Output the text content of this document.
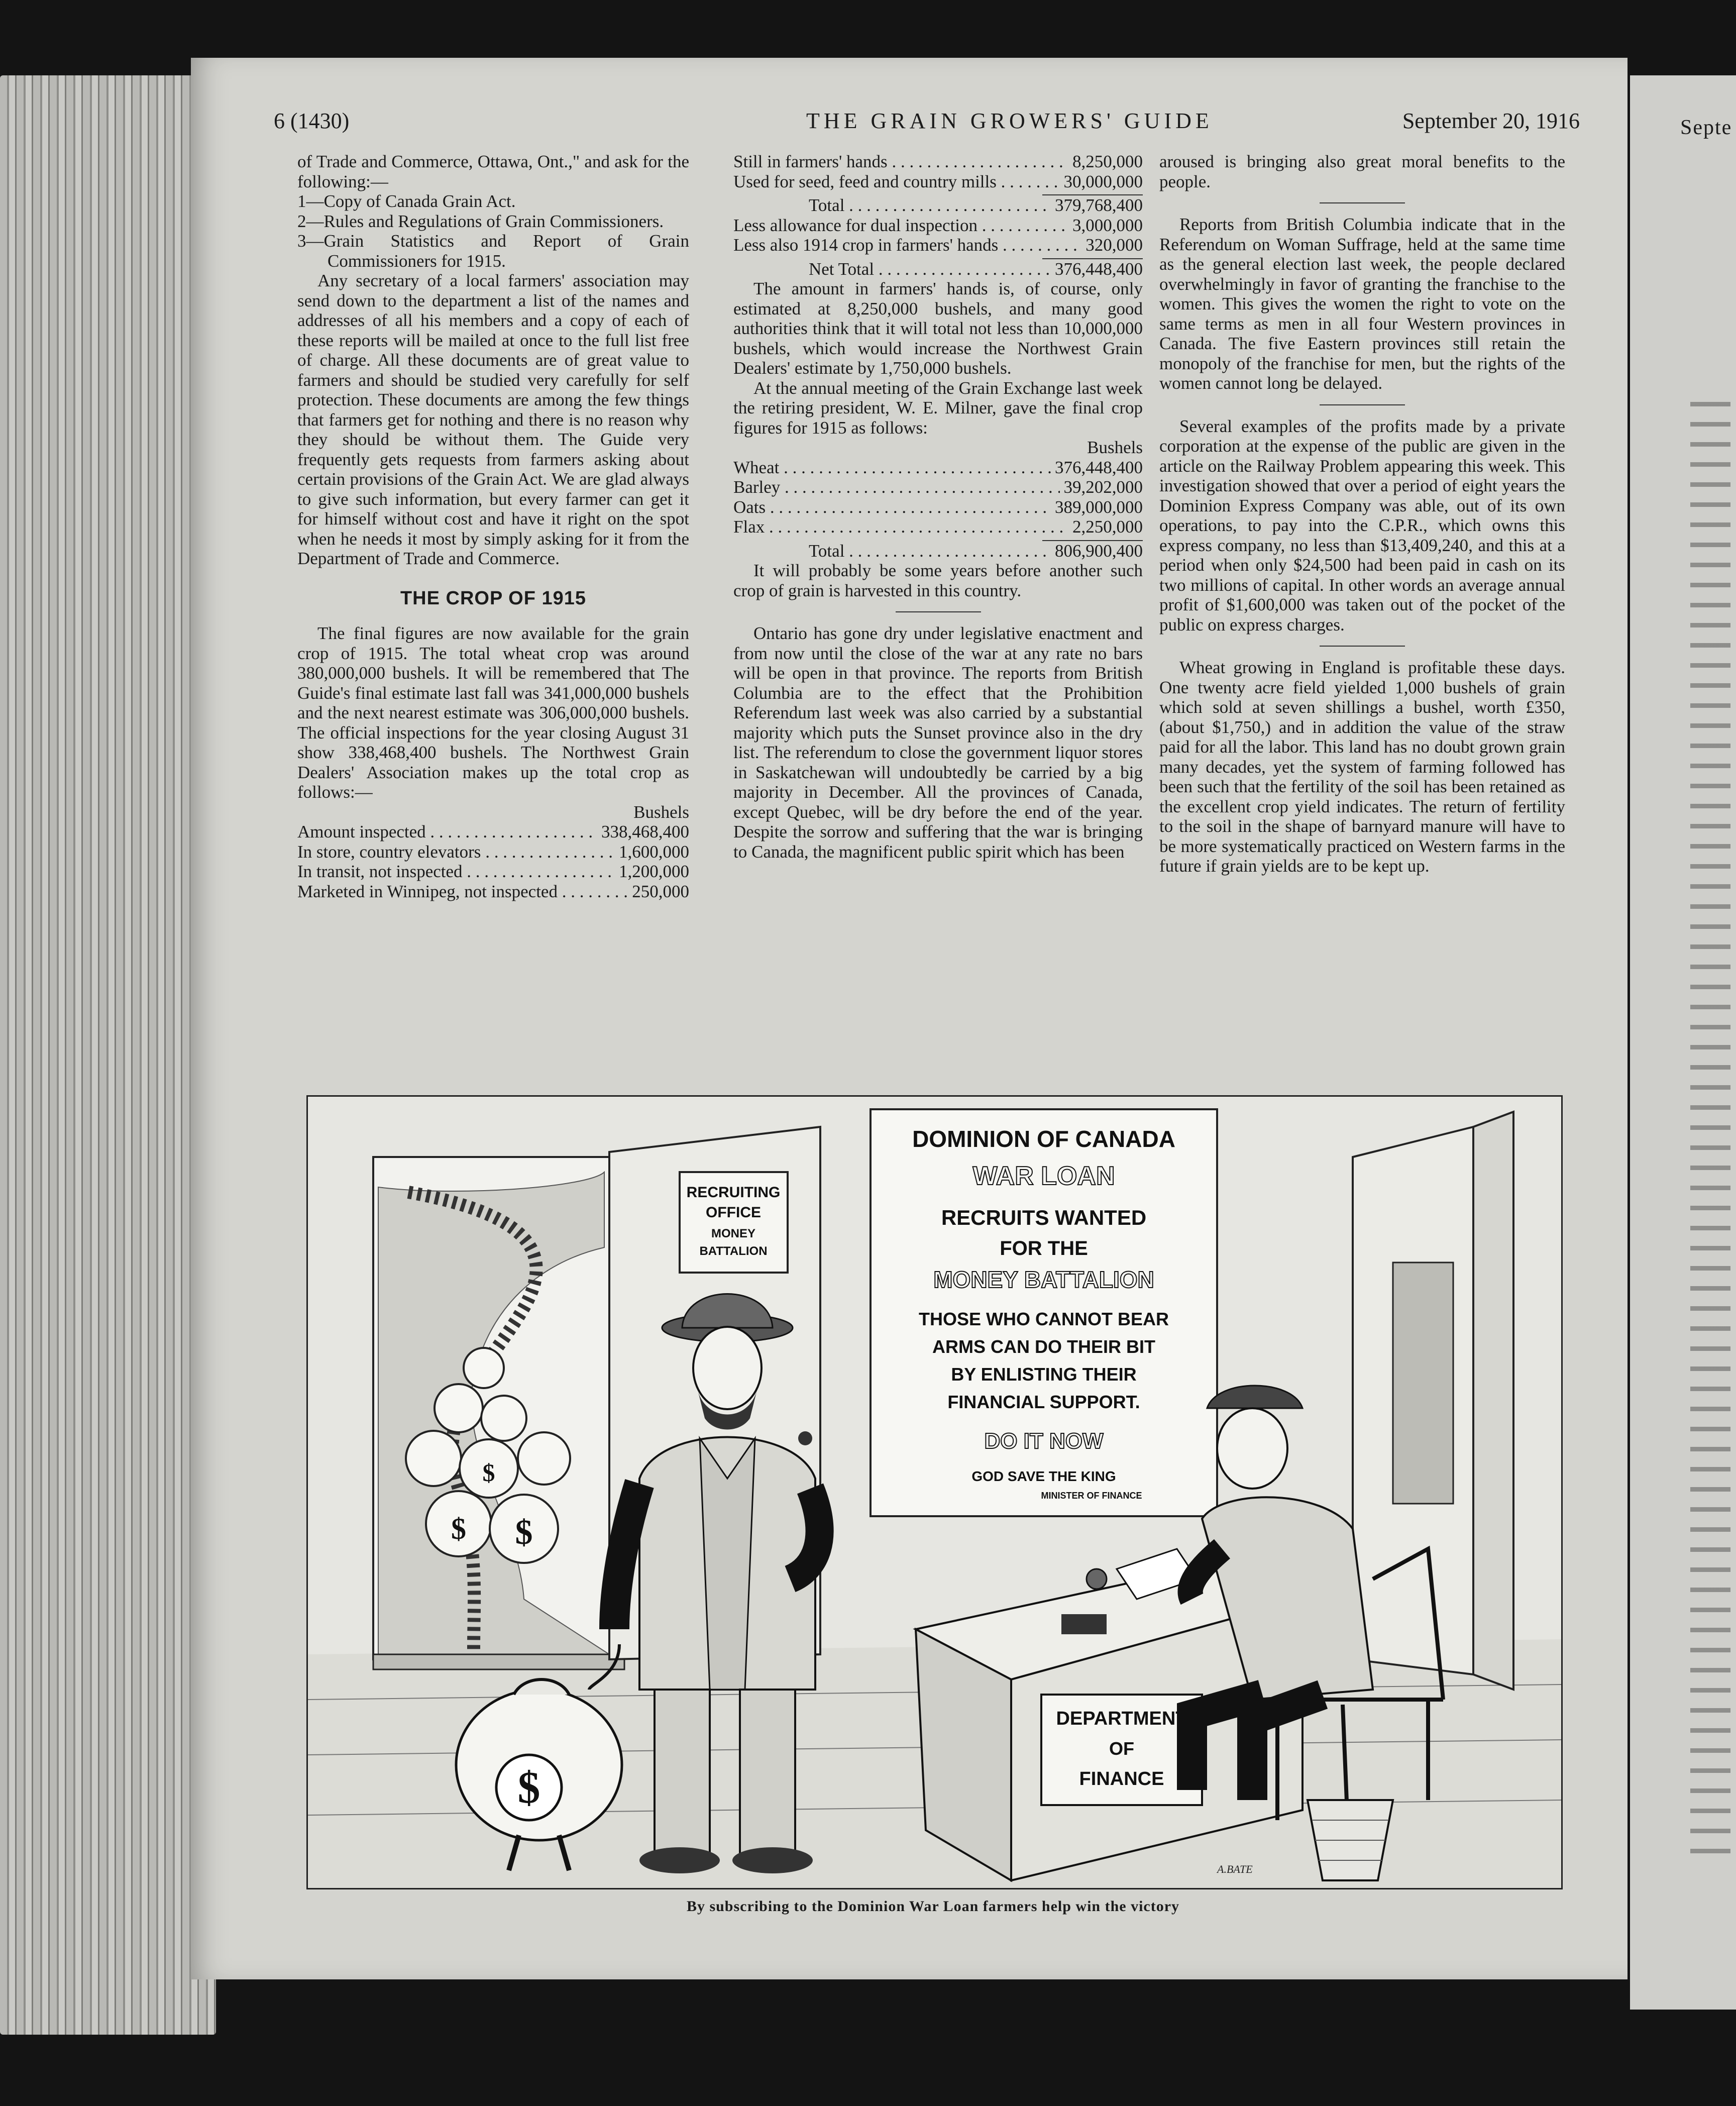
Septe
6 (1430)	THE GRAIN GROWERS' GUIDE	September 20, 1916

of Trade and Commerce, Ottawa, Ont.," and ask for the following:—

1—Copy of Canada Grain Act.
2—Rules and Regulations of Grain Commissioners.
3—Grain Statistics and Report of Grain Commissioners for 1915.

Any secretary of a local farmers' association may send down to the department a list of the names and addresses of all his members and a copy of each of these reports will be mailed at once to the full list free of charge. All these documents are of great value to farmers and should be studied very carefully for self protection. These documents are among the few things that farmers get for nothing and there is no reason why they should be without them. The Guide very frequently gets requests from farmers asking about certain provisions of the Grain Act. We are glad always to give such information, but every farmer can get it for himself without cost and have it right on the spot when he needs it most by simply asking for it from the Department of Trade and Commerce.

THE CROP OF 1915

The final figures are now available for the grain crop of 1915. The total wheat crop was around 380,000,000 bushels. It will be remembered that The Guide's final estimate last fall was 341,000,000 bushels and the next nearest estimate was 306,000,000 bushels. The official inspections for the year closing August 31 show 338,468,400 bushels. The Northwest Grain Dealers' Association makes up the total crop as follows:—

Bushels
Amount inspected . . .	338,468,400
In store, country elevators . . .	1,600,000
In transit, not inspected . . .	1,200,000
Marketed in Winnipeg, not inspected . . .	250,000
Still in farmers' hands . . .	8,250,000
Used for seed, feed and country mills . . .	30,000,000
Total . . .	379,768,400
Less allowance for dual inspection . . .	3,000,000
Less also 1914 crop in farmers' hands . . .	320,000
Net Total . . .	376,448,400

The amount in farmers' hands is, of course, only estimated at 8,250,000 bushels, and many good authorities think that it will total not less than 10,000,000 bushels, which would increase the Northwest Grain Dealers' estimate by 1,750,000 bushels.

At the annual meeting of the Grain Exchange last week the retiring president, W. E. Milner, gave the final crop figures for 1915 as follows:

Bushels
Wheat . . .	376,448,400
Barley . . .	39,202,000
Oats . . .	389,000,000
Flax . . .	2,250,000
Total . . .	806,900,400

It will probably be some years before another such crop of grain is harvested in this country.

Ontario has gone dry under legislative enactment and from now until the close of the war at any rate no bars will be open in that province. The reports from British Columbia are to the effect that the Prohibition Referendum last week was also carried by a substantial majority which puts the Sunset province also in the dry list. The referendum to close the government liquor stores in Saskatchewan will undoubtedly be carried by a big majority in December. All the provinces of Canada, except Quebec, will be dry before the end of the year. Despite the sorrow and suffering that the war is bringing to Canada, the magnificent public spirit which has been

aroused is bringing also great moral benefits to the people.

Reports from British Columbia indicate that in the Referendum on Woman Suffrage, held at the same time as the general election last week, the people declared overwhelmingly in favor of granting the franchise to the women. This gives the women the right to vote on the same terms as men in all four Western provinces in Canada. The five Eastern provinces still retain the monopoly of the franchise for men, but the rights of the women cannot long be delayed.

Several examples of the profits made by a private corporation at the expense of the public are given in the article on the Railway Problem appearing this week. This investigation showed that over a period of eight years the Dominion Express Company was able, out of its own operations, to pay into the C.P.R., which owns this express company, no less than $13,409,240, and this at a period when only $24,500 had been paid in cash on its two millions of capital. In other words an average annual profit of $1,600,000 was taken out of the pocket of the public on express charges.

Wheat growing in England is profitable these days. One twenty acre field yielded 1,000 bushels of grain which sold at seven shillings a bushel, worth £350, (about $1,750,) and in addition the value of the straw paid for all the labor. This land has no doubt grown grain many decades, yet the system of farming followed has been such that the fertility of the soil has been retained as the excellent crop yield indicates. The return of fertility to the soil in the shape of barnyard manure will have to be more systematically practiced on Western farms in the future if grain yields are to be kept up.

$
$
$
RECRUITING
OFFICE
MONEY
BATTALION
DOMINION OF CANADA
WAR LOAN
RECRUITS WANTED
FOR THE
MONEY BATTALION
THOSE WHO CANNOT BEAR
ARMS CAN DO THEIR BIT
BY ENLISTING THEIR
FINANCIAL SUPPORT.
DO IT NOW
GOD SAVE THE KING
MINISTER OF FINANCE
$
DEPARTMENT
OF
FINANCE
A.BATE
By subscribing to the Dominion War Loan farmers help win the victory
